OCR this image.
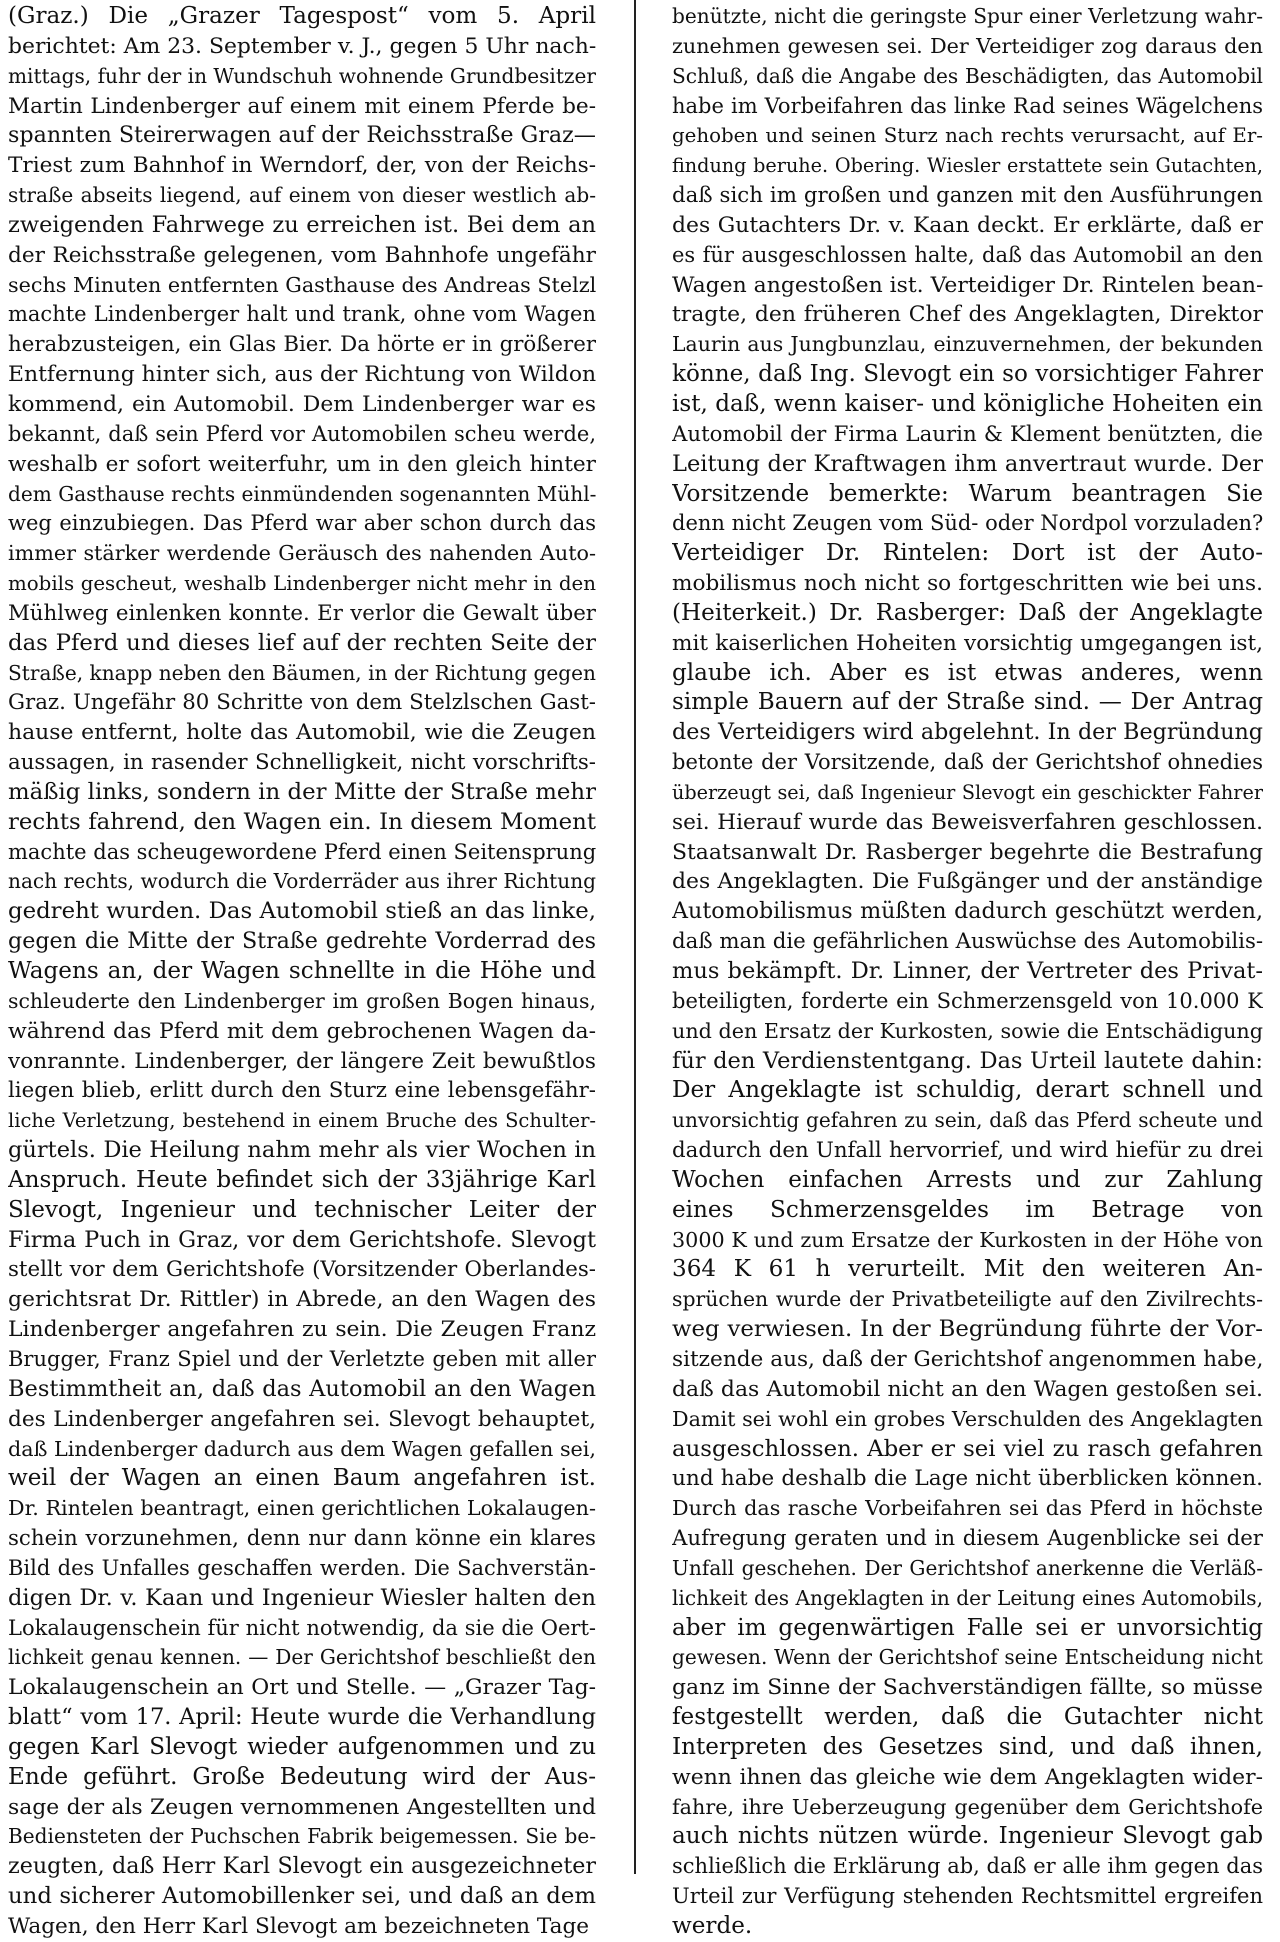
(Graz.) Die „Grazer Tagespost“ vom 5. April
berichtet: Am 23. September v. J., gegen 5 Uhr nach-
mittags, fuhr der in Wundschuh wohnende Grundbesitzer
Martin Lindenberger auf einem mit einem Pferde be-
spannten Steirerwagen auf der Reichsstraße Graz—
Triest zum Bahnhof in Werndorf, der, von der Reichs-
straße abseits liegend, auf einem von dieser westlich ab-
zweigenden Fahrwege zu erreichen ist. Bei dem an
der Reichsstraße gelegenen, vom Bahnhofe ungefähr
sechs Minuten entfernten Gasthause des Andreas Stelzl
machte Lindenberger halt und trank, ohne vom Wagen
herabzusteigen, ein Glas Bier. Da hörte er in größerer
Entfernung hinter sich, aus der Richtung von Wildon
kommend, ein Automobil. Dem Lindenberger war es
bekannt, daß sein Pferd vor Automobilen scheu werde,
weshalb er sofort weiterfuhr, um in den gleich hinter
dem Gasthause rechts einmündenden sogenannten Mühl-
weg einzubiegen. Das Pferd war aber schon durch das
immer stärker werdende Geräusch des nahenden Auto-
mobils gescheut, weshalb Lindenberger nicht mehr in den
Mühlweg einlenken konnte. Er verlor die Gewalt über
das Pferd und dieses lief auf der rechten Seite der
Straße, knapp neben den Bäumen, in der Richtung gegen
Graz. Ungefähr 80 Schritte von dem Stelzlschen Gast-
hause entfernt, holte das Automobil, wie die Zeugen
aussagen, in rasender Schnelligkeit, nicht vorschrifts-
mäßig links, sondern in der Mitte der Straße mehr
rechts fahrend, den Wagen ein. In diesem Moment
machte das scheugewordene Pferd einen Seitensprung
nach rechts, wodurch die Vorderräder aus ihrer Richtung
gedreht wurden. Das Automobil stieß an das linke,
gegen die Mitte der Straße gedrehte Vorderrad des
Wagens an, der Wagen schnellte in die Höhe und
schleuderte den Lindenberger im großen Bogen hinaus,
während das Pferd mit dem gebrochenen Wagen da-
vonrannte. Lindenberger, der längere Zeit bewußtlos
liegen blieb, erlitt durch den Sturz eine lebensgefähr-
liche Verletzung, bestehend in einem Bruche des Schulter-
gürtels. Die Heilung nahm mehr als vier Wochen in
Anspruch. Heute befindet sich der 33jährige Karl
Slevogt, Ingenieur und technischer Leiter der
Firma Puch in Graz, vor dem Gerichtshofe. Slevogt
stellt vor dem Gerichtshofe (Vorsitzender Oberlandes-
gerichtsrat Dr. Rittler) in Abrede, an den Wagen des
Lindenberger angefahren zu sein. Die Zeugen Franz
Brugger, Franz Spiel und der Verletzte geben mit aller
Bestimmtheit an, daß das Automobil an den Wagen
des Lindenberger angefahren sei. Slevogt behauptet,
daß Lindenberger dadurch aus dem Wagen gefallen sei,
weil der Wagen an einen Baum angefahren ist.
Dr. Rintelen beantragt, einen gerichtlichen Lokalaugen-
schein vorzunehmen, denn nur dann könne ein klares
Bild des Unfalles geschaffen werden. Die Sachverstän-
digen Dr. v. Kaan und Ingenieur Wiesler halten den
Lokalaugenschein für nicht notwendig, da sie die Oert-
lichkeit genau kennen. — Der Gerichtshof beschließt den
Lokalaugenschein an Ort und Stelle. — „Grazer Tag-
blatt“ vom 17. April: Heute wurde die Verhandlung
gegen Karl Slevogt wieder aufgenommen und zu
Ende geführt. Große Bedeutung wird der Aus-
sage der als Zeugen vernommenen Angestellten und
Bediensteten der Puchschen Fabrik beigemessen. Sie be-
zeugten, daß Herr Karl Slevogt ein ausgezeichneter
und sicherer Automobillenker sei, und daß an dem
Wagen, den Herr Karl Slevogt am bezeichneten Tage
benützte, nicht die geringste Spur einer Verletzung wahr-
zunehmen gewesen sei. Der Verteidiger zog daraus den
Schluß, daß die Angabe des Beschädigten, das Automobil
habe im Vorbeifahren das linke Rad seines Wägelchens
gehoben und seinen Sturz nach rechts verursacht, auf Er-
findung beruhe. Obering. Wiesler erstattete sein Gutachten,
daß sich im großen und ganzen mit den Ausführungen
des Gutachters Dr. v. Kaan deckt. Er erklärte, daß er
es für ausgeschlossen halte, daß das Automobil an den
Wagen angestoßen ist. Verteidiger Dr. Rintelen bean-
tragte, den früheren Chef des Angeklagten, Direktor
Laurin aus Jungbunzlau, einzuvernehmen, der bekunden
könne, daß Ing. Slevogt ein so vorsichtiger Fahrer
ist, daß, wenn kaiser- und königliche Hoheiten ein
Automobil der Firma Laurin & Klement benützten, die
Leitung der Kraftwagen ihm anvertraut wurde. Der
Vorsitzende bemerkte: Warum beantragen Sie
denn nicht Zeugen vom Süd- oder Nordpol vorzuladen?
Verteidiger Dr. Rintelen: Dort ist der Auto-
mobilismus noch nicht so fortgeschritten wie bei uns.
(Heiterkeit.) Dr. Rasberger: Daß der Angeklagte
mit kaiserlichen Hoheiten vorsichtig umgegangen ist,
glaube ich. Aber es ist etwas anderes, wenn
simple Bauern auf der Straße sind. — Der Antrag
des Verteidigers wird abgelehnt. In der Begründung
betonte der Vorsitzende, daß der Gerichtshof ohnedies
überzeugt sei, daß Ingenieur Slevogt ein geschickter Fahrer
sei. Hierauf wurde das Beweisverfahren geschlossen.
Staatsanwalt Dr. Rasberger begehrte die Bestrafung
des Angeklagten. Die Fußgänger und der anständige
Automobilismus müßten dadurch geschützt werden,
daß man die gefährlichen Auswüchse des Automobilis-
mus bekämpft. Dr. Linner, der Vertreter des Privat-
beteiligten, forderte ein Schmerzensgeld von 10.000 K
und den Ersatz der Kurkosten, sowie die Entschädigung
für den Verdienstentgang. Das Urteil lautete dahin:
Der Angeklagte ist schuldig, derart schnell und
unvorsichtig gefahren zu sein, daß das Pferd scheute und
dadurch den Unfall hervorrief, und wird hiefür zu drei
Wochen einfachen Arrests und zur Zahlung
eines Schmerzensgeldes im Betrage von
3000 K und zum Ersatze der Kurkosten in der Höhe von
364 K 61 h verurteilt. Mit den weiteren An-
sprüchen wurde der Privatbeteiligte auf den Zivilrechts-
weg verwiesen. In der Begründung führte der Vor-
sitzende aus, daß der Gerichtshof angenommen habe,
daß das Automobil nicht an den Wagen gestoßen sei.
Damit sei wohl ein grobes Verschulden des Angeklagten
ausgeschlossen. Aber er sei viel zu rasch gefahren
und habe deshalb die Lage nicht überblicken können.
Durch das rasche Vorbeifahren sei das Pferd in höchste
Aufregung geraten und in diesem Augenblicke sei der
Unfall geschehen. Der Gerichtshof anerkenne die Verläß-
lichkeit des Angeklagten in der Leitung eines Automobils,
aber im gegenwärtigen Falle sei er unvorsichtig
gewesen. Wenn der Gerichtshof seine Entscheidung nicht
ganz im Sinne der Sachverständigen fällte, so müsse
festgestellt werden, daß die Gutachter nicht
Interpreten des Gesetzes sind, und daß ihnen,
wenn ihnen das gleiche wie dem Angeklagten wider-
fahre, ihre Ueberzeugung gegenüber dem Gerichtshofe
auch nichts nützen würde. Ingenieur Slevogt gab
schließlich die Erklärung ab, daß er alle ihm gegen das
Urteil zur Verfügung stehenden Rechtsmittel ergreifen
werde.
